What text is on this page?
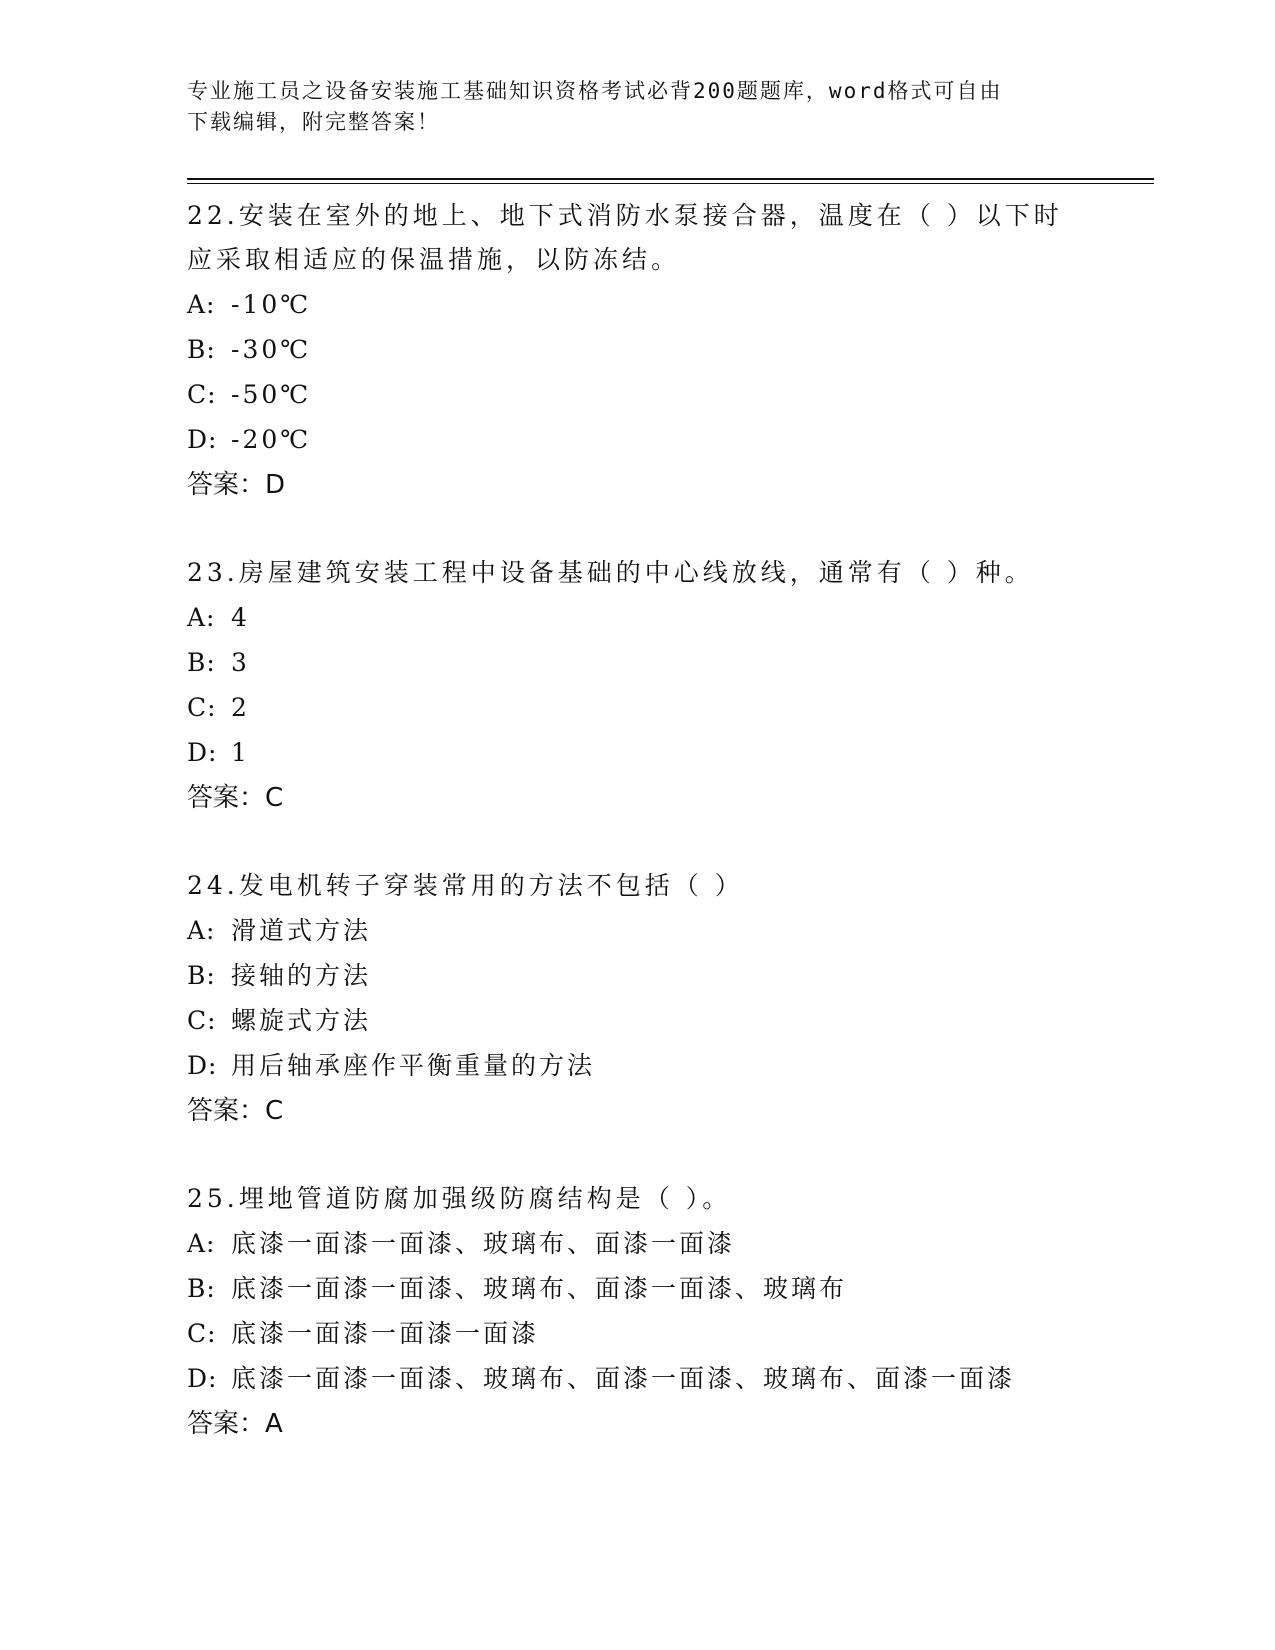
专业施工员之设备安装施工基础知识资格考试必背200题题库，word格式可自由
下载编辑，附完整答案！
22.安装在室外的地上、地下式消防水泵接合器，温度在（ ）以下时
应采取相适应的保温措施，以防冻结。
A: -10℃
B: -30℃
C: -50℃
D: -20℃
答案：D
23.房屋建筑安装工程中设备基础的中心线放线，通常有（ ）种。
A: 4
B: 3
C: 2
D: 1
答案：C
24.发电机转子穿装常用的方法不包括（ ）
A: 滑道式方法
B: 接轴的方法
C: 螺旋式方法
D: 用后轴承座作平衡重量的方法
答案：C
25.埋地管道防腐加强级防腐结构是（ ）。
A: 底漆一面漆一面漆、玻璃布、面漆一面漆
B: 底漆一面漆一面漆、玻璃布、面漆一面漆、玻璃布
C: 底漆一面漆一面漆一面漆
D: 底漆一面漆一面漆、玻璃布、面漆一面漆、玻璃布、面漆一面漆
答案：A
